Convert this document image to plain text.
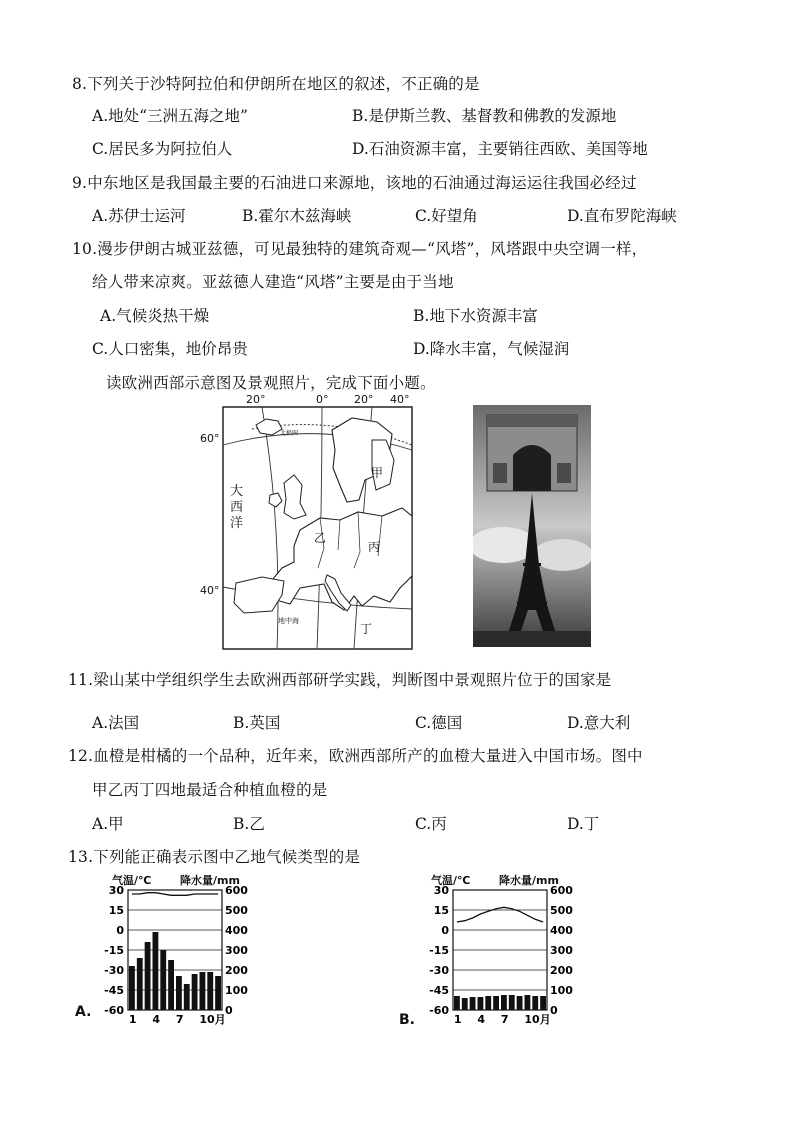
8.下列关于沙特阿拉伯和伊朗所在地区的叙述，不正确的是
A.地处“三洲五海之地”	B.是伊斯兰教、基督教和佛教的发源地
C.居民多为阿拉伯人	D.石油资源丰富，主要销往西欧、美国等地
9.中东地区是我国最主要的石油进口来源地，该地的石油通过海运运往我国必经过
A.苏伊士运河	B.霍尔木兹海峡	C.好望角	D.直布罗陀海峡
10.漫步伊朗古城亚兹德，可见最独特的建筑奇观—“风塔”，风塔跟中央空调一样，
给人带来凉爽。亚兹德人建造“风塔”主要是由于当地
A.气候炎热干燥	B.地下水资源丰富
C.人口密集，地价昂贵	D.降水丰富，气候湿润
读欧洲西部示意图及景观照片，完成下面小题。
北极圈
大
西
洋
甲
乙
丙
丁
地中海
20°	0° 20° 40°
60°
40°
11.梁山某中学组织学生去欧洲西部研学实践，判断图中景观照片位于的国家是
A.法国	B.英国	C.德国	D.意大利
12.血橙是柑橘的一个品种，近年来，欧洲西部所产的血橙大量进入中国市场。图中
甲乙丙丁四地最适合种植血橙的是
A.甲	B.乙	C.丙	D.丁
13.下列能正确表示图中乙地气候类型的是
气温/℃	降水量/mm
30	600
15	500
0	400
-15	300
-30	200
-45	100
-60	0
1 4 7 10月
A.
气温/℃	降水量/mm
30	600
15	500
0	400
-15	300
-30	200
-45	100
-60	0
1 4 7 10月
B.
